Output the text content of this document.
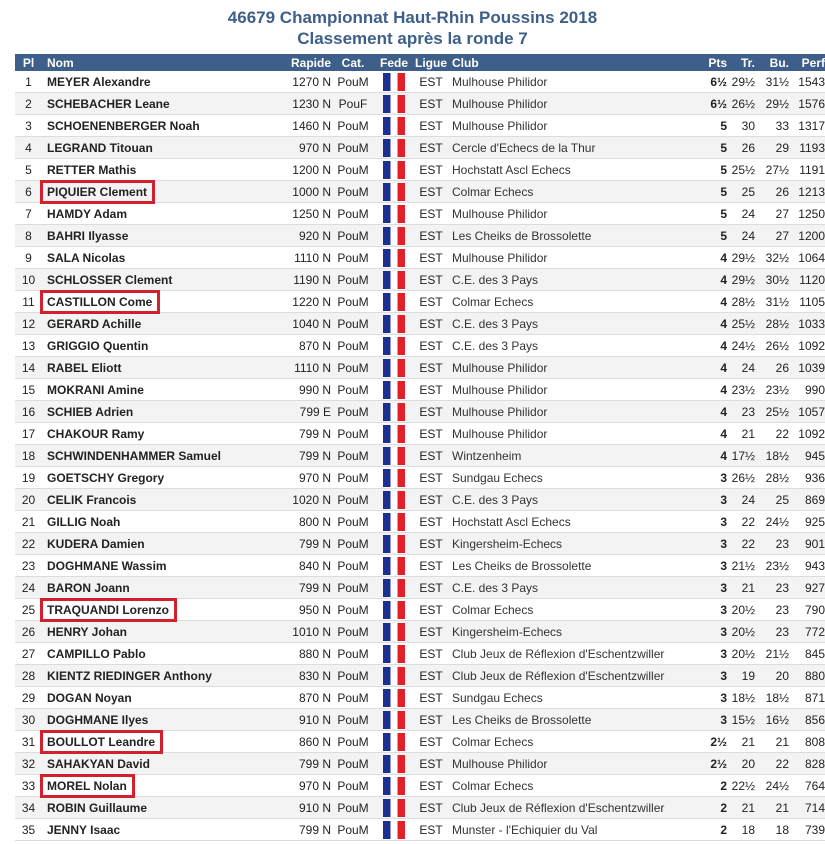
46679 Championnat Haut-Rhin Poussins 2018
Classement après la ronde 7
Pl	Nom	Rapide	Cat.	Fede	Ligue	Club	Pts	Tr.	Bu.	Perf
1	MEYER Alexandre	1270 N	PouM		EST	Mulhouse Philidor	6½	29½	31½	1543
2	SCHEBACHER Leane	1230 N	PouF		EST	Mulhouse Philidor	6½	26½	29½	1576
3	SCHOENENBERGER Noah	1460 N	PouM		EST	Mulhouse Philidor	5	30	33	1317
4	LEGRAND Titouan	970 N	PouM		EST	Cercle d'Echecs de la Thur	5	26	29	1193
5	RETTER Mathis	1200 N	PouM		EST	Hochstatt Ascl Echecs	5	25½	27½	1191
6	PIQUIER Clement	1000 N	PouM		EST	Colmar Echecs	5	25	26	1213
7	HAMDY Adam	1250 N	PouM		EST	Mulhouse Philidor	5	24	27	1250
8	BAHRI Ilyasse	920 N	PouM		EST	Les Cheiks de Brossolette	5	24	27	1200
9	SALA Nicolas	1110 N	PouM		EST	Mulhouse Philidor	4	29½	32½	1064
10	SCHLOSSER Clement	1190 N	PouM		EST	C.E. des 3 Pays	4	29½	30½	1120
11	CASTILLON Come	1220 N	PouM		EST	Colmar Echecs	4	28½	31½	1105
12	GERARD Achille	1040 N	PouM		EST	C.E. des 3 Pays	4	25½	28½	1033
13	GRIGGIO Quentin	870 N	PouM		EST	C.E. des 3 Pays	4	24½	26½	1092
14	RABEL Eliott	1110 N	PouM		EST	Mulhouse Philidor	4	24	26	1039
15	MOKRANI Amine	990 N	PouM		EST	Mulhouse Philidor	4	23½	23½	990
16	SCHIEB Adrien	799 E	PouM		EST	Mulhouse Philidor	4	23	25½	1057
17	CHAKOUR Ramy	799 N	PouM		EST	Mulhouse Philidor	4	21	22	1092
18	SCHWINDENHAMMER Samuel	799 N	PouM		EST	Wintzenheim	4	17½	18½	945
19	GOETSCHY Gregory	970 N	PouM		EST	Sundgau Echecs	3	26½	28½	936
20	CELIK Francois	1020 N	PouM		EST	C.E. des 3 Pays	3	24	25	869
21	GILLIG Noah	800 N	PouM		EST	Hochstatt Ascl Echecs	3	22	24½	925
22	KUDERA Damien	799 N	PouM		EST	Kingersheim-Echecs	3	22	23	901
23	DOGHMANE Wassim	840 N	PouM		EST	Les Cheiks de Brossolette	3	21½	23½	943
24	BARON Joann	799 N	PouM		EST	C.E. des 3 Pays	3	21	23	927
25	TRAQUANDI Lorenzo	950 N	PouM		EST	Colmar Echecs	3	20½	23	790
26	HENRY Johan	1010 N	PouM		EST	Kingersheim-Echecs	3	20½	23	772
27	CAMPILLO Pablo	880 N	PouM		EST	Club Jeux de Réflexion d'Eschentzwiller	3	20½	21½	845
28	KIENTZ RIEDINGER Anthony	830 N	PouM		EST	Club Jeux de Réflexion d'Eschentzwiller	3	19	20	880
29	DOGAN Noyan	870 N	PouM		EST	Sundgau Echecs	3	18½	18½	871
30	DOGHMANE Ilyes	910 N	PouM		EST	Les Cheiks de Brossolette	3	15½	16½	856
31	BOULLOT Leandre	860 N	PouM		EST	Colmar Echecs	2½	21	21	808
32	SAHAKYAN David	799 N	PouM		EST	Mulhouse Philidor	2½	20	22	828
33	MOREL Nolan	970 N	PouM		EST	Colmar Echecs	2	22½	24½	764
34	ROBIN Guillaume	910 N	PouM		EST	Club Jeux de Réflexion d'Eschentzwiller	2	21	21	714
35	JENNY Isaac	799 N	PouM		EST	Munster - l'Echiquier du Val	2	18	18	739
